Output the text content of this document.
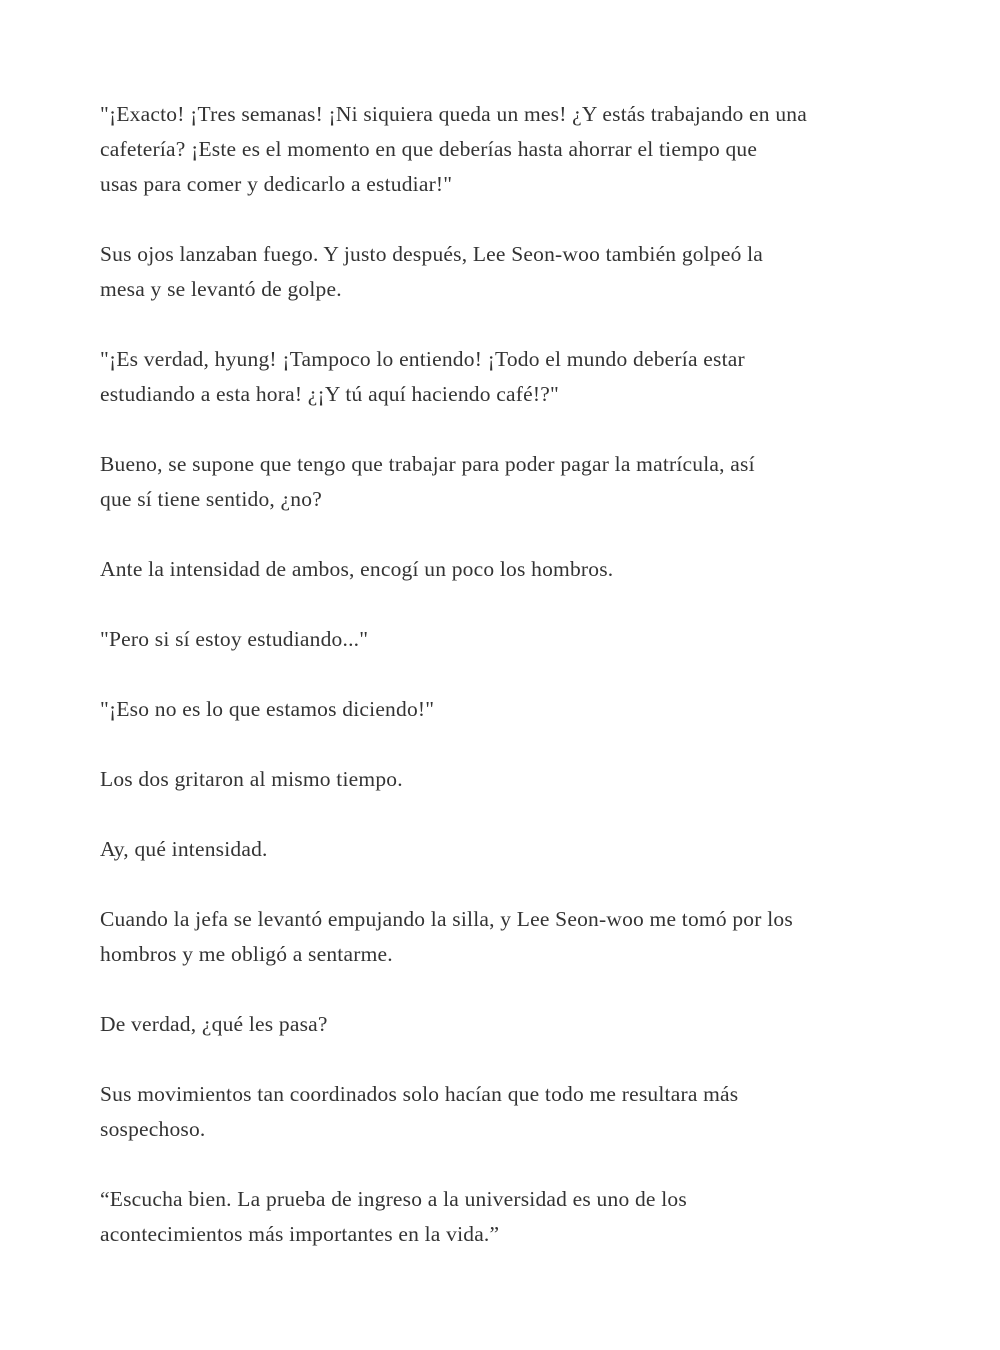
"¡Exacto! ¡Tres semanas! ¡Ni siquiera queda un mes! ¿Y estás trabajando en una
cafetería? ¡Este es el momento en que deberías hasta ahorrar el tiempo que
usas para comer y dedicarlo a estudiar!"

Sus ojos lanzaban fuego. Y justo después, Lee Seon-woo también golpeó la
mesa y se levantó de golpe.

"¡Es verdad, hyung! ¡Tampoco lo entiendo! ¡Todo el mundo debería estar
estudiando a esta hora! ¿¡Y tú aquí haciendo café!?"

Bueno, se supone que tengo que trabajar para poder pagar la matrícula, así
que sí tiene sentido, ¿no?

Ante la intensidad de ambos, encogí un poco los hombros.

"Pero si sí estoy estudiando..."

"¡Eso no es lo que estamos diciendo!"

Los dos gritaron al mismo tiempo.

Ay, qué intensidad.

Cuando la jefa se levantó empujando la silla, y Lee Seon-woo me tomó por los
hombros y me obligó a sentarme.

De verdad, ¿qué les pasa?

Sus movimientos tan coordinados solo hacían que todo me resultara más
sospechoso.

“Escucha bien. La prueba de ingreso a la universidad es uno de los
acontecimientos más importantes en la vida.”
